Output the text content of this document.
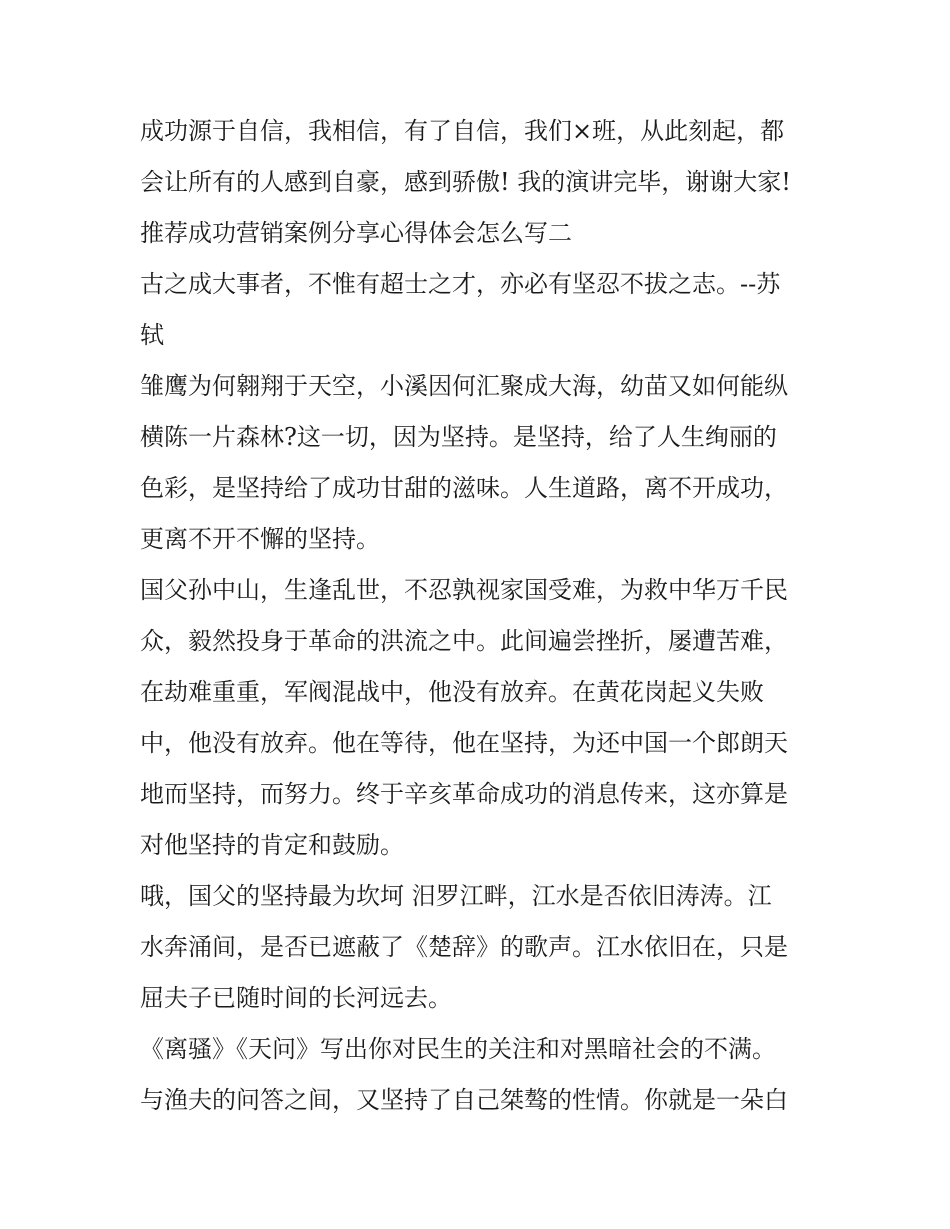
成功源于自信，我相信，有了自信，我们×班，从此刻起，都
会让所有的人感到自豪，感到骄傲! 我的演讲完毕，谢谢大家!
推荐成功营销案例分享心得体会怎么写二
古之成大事者，不惟有超士之才，亦必有坚忍不拔之志。--苏
轼
雏鹰为何翱翔于天空，小溪因何汇聚成大海，幼苗又如何能纵
横陈一片森林?这一切，因为坚持。是坚持，给了人生绚丽的
色彩，是坚持给了成功甘甜的滋味。人生道路，离不开成功，
更离不开不懈的坚持。
国父孙中山，生逢乱世，不忍孰视家国受难，为救中华万千民
众，毅然投身于革命的洪流之中。此间遍尝挫折，屡遭苦难，
在劫难重重，军阀混战中，他没有放弃。在黄花岗起义失败
中，他没有放弃。他在等待，他在坚持，为还中国一个郎朗天
地而坚持，而努力。终于辛亥革命成功的消息传来，这亦算是
对他坚持的肯定和鼓励。
哦，国父的坚持最为坎坷 汨罗江畔，江水是否依旧涛涛。江
水奔涌间，是否已遮蔽了《楚辞》的歌声。江水依旧在，只是
屈夫子已随时间的长河远去。
《离骚》《天问》写出你对民生的关注和对黑暗社会的不满。
与渔夫的问答之间，又坚持了自己桀骜的性情。你就是一朵白
